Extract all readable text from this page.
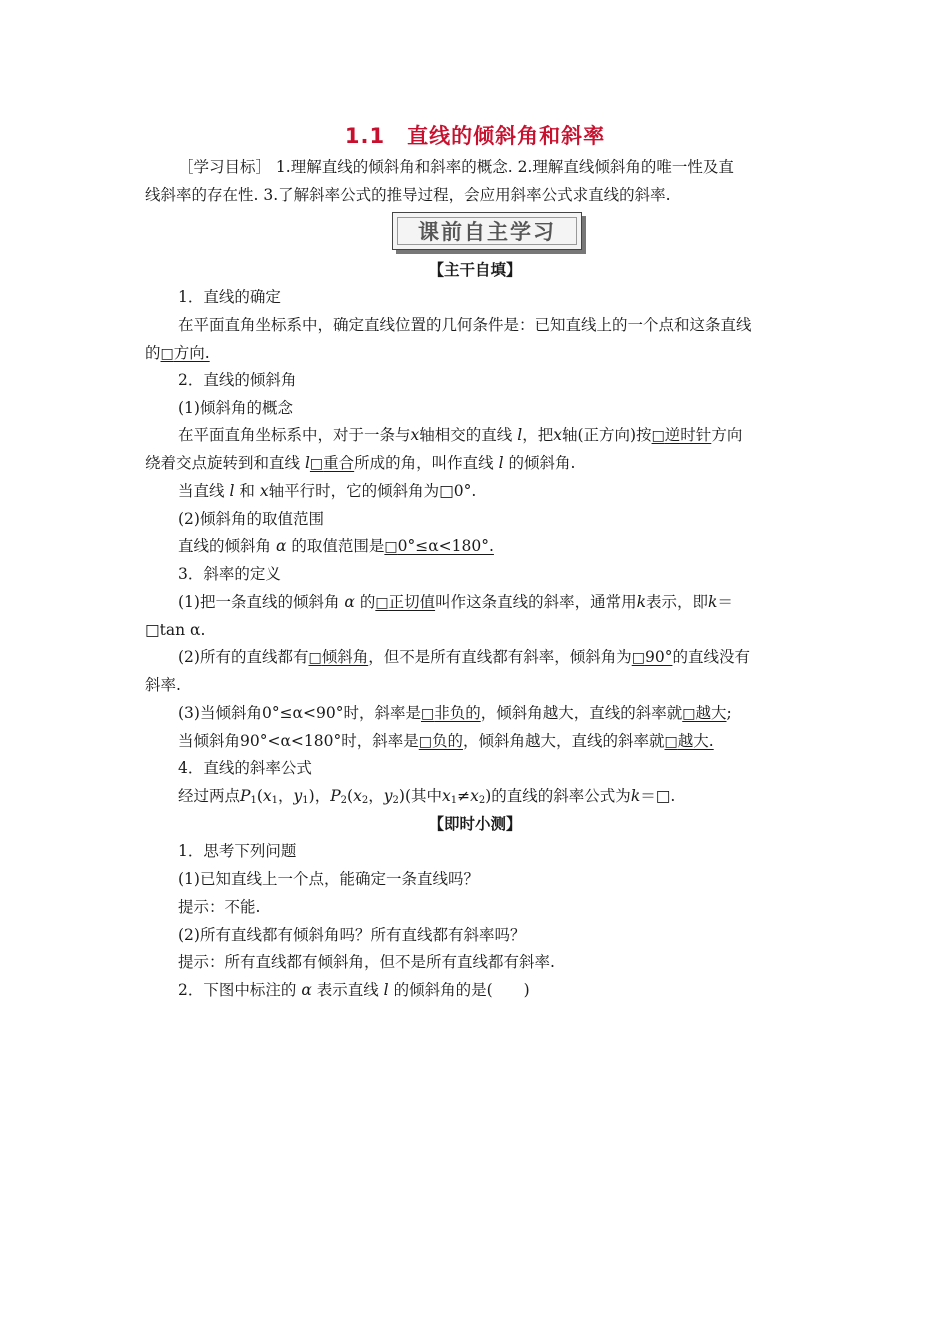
1.1 直线的倾斜角和斜率
［学习目标］ 1.理解直线的倾斜角和斜率的概念. 2.理解直线倾斜角的唯一性及直
线斜率的存在性. 3.了解斜率公式的推导过程，会应用斜率公式求直线的斜率.
课前自主学习
【主干自填】
1．直线的确定
在平面直角坐标系中，确定直线位置的几何条件是：已知直线上的一个点和这条直线
的□方向.
2．直线的倾斜角
(1)倾斜角的概念
在平面直角坐标系中，对于一条与x轴相交的直线 l，把x轴(正方向)按□逆时针方向
绕着交点旋转到和直线 l□重合所成的角，叫作直线 l 的倾斜角.
当直线 l 和 x轴平行时，它的倾斜角为□0°.
(2)倾斜角的取值范围
直线的倾斜角 α 的取值范围是□0°≤α<180°.
3．斜率的定义
(1)把一条直线的倾斜角 α 的□正切值叫作这条直线的斜率，通常用k表示，即k＝
□tan α.
(2)所有的直线都有□倾斜角，但不是所有直线都有斜率，倾斜角为□90°的直线没有
斜率.
(3)当倾斜角0°≤α<90°时，斜率是□非负的，倾斜角越大，直线的斜率就□越大;
当倾斜角90°<α<180°时，斜率是□负的，倾斜角越大，直线的斜率就□越大.
4．直线的斜率公式
经过两点$P_1(x_1$，$y_1$)，$P_2(x_2$，$y_2$)(其中$x_1\ne x_2$)的直线的斜率公式为k＝□.
【即时小测】
1．思考下列问题
(1)已知直线上一个点，能确定一条直线吗？
提示：不能.
(2)所有直线都有倾斜角吗？所有直线都有斜率吗？
提示：所有直线都有倾斜角，但不是所有直线都有斜率.
2．下图中标注的 α 表示直线 l 的倾斜角的是(　　)
